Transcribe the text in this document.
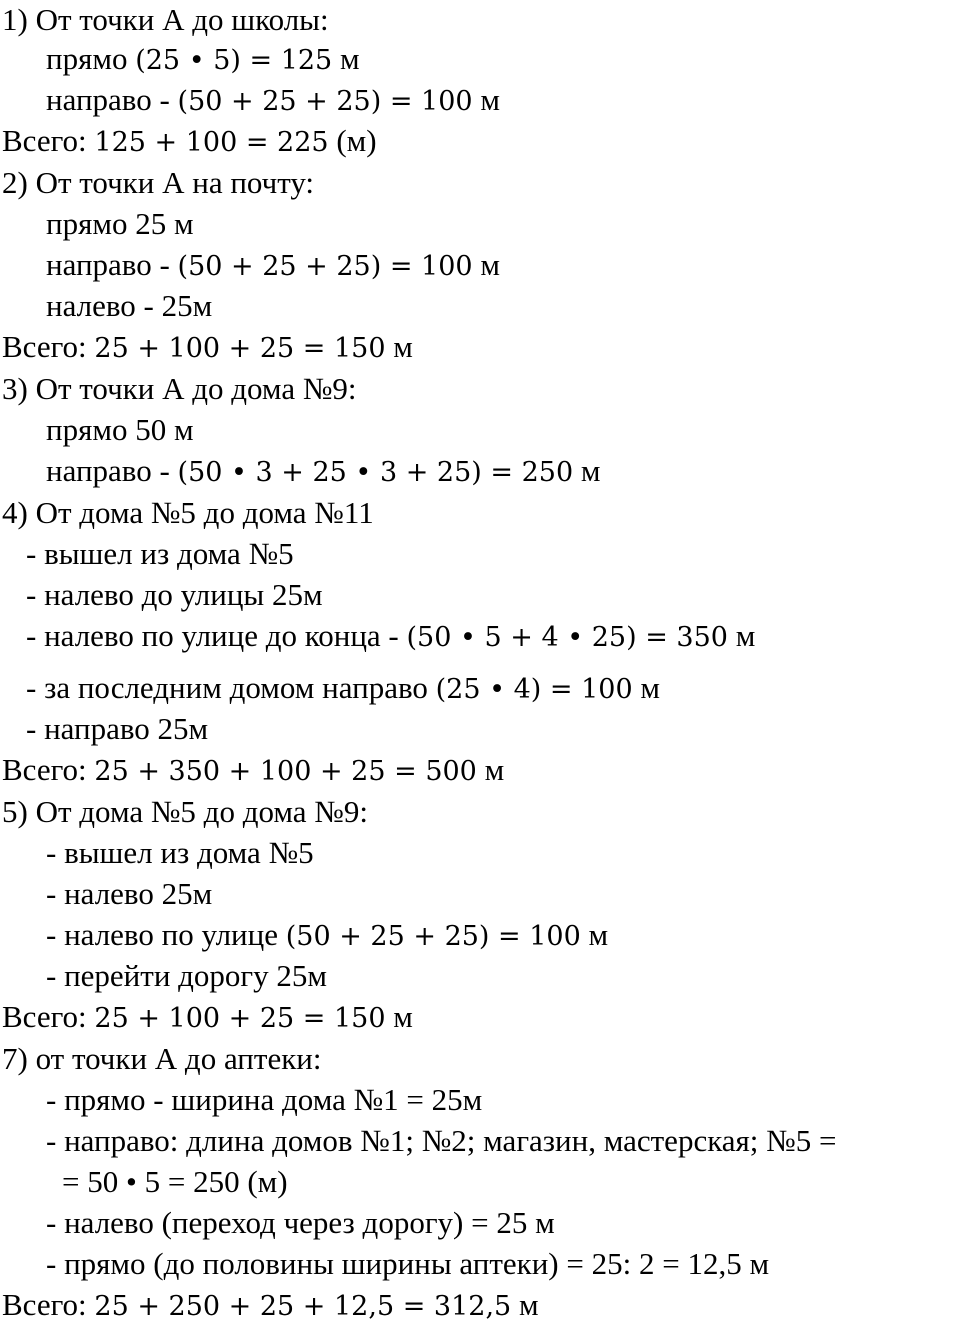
1) От точки А до школы:
прямо (25 • 5) = 125 м
направо - (50 + 25 + 25) = 100 м
Всего: 125 + 100 = 225 (м)
2) От точки А на почту:
прямо 25 м
направо - (50 + 25 + 25) = 100 м
налево - 25м
Всего: 25 + 100 + 25 = 150 м
3) От точки А до дома №9:
прямо 50 м
направо - (50 • 3 + 25 • 3 + 25) = 250 м
4) От дома №5 до дома №11
- вышел из дома №5
- налево до улицы 25м
- налево по улице до конца - (50 • 5 + 4 • 25) = 350 м
- за последним домом направо (25 • 4) = 100 м
- направо 25м
Всего: 25 + 350 + 100 + 25 = 500 м
5) От дома №5 до дома №9:
- вышел из дома №5
- налево 25м
- налево по улице (50 + 25 + 25) = 100 м
- перейти дорогу 25м
Всего: 25 + 100 + 25 = 150 м
7) от точки А до аптеки:
- прямо - ширина дома №1 = 25м
- направо: длина домов №1; №2; магазин, мастерская; №5 =
= 50 • 5 = 250 (м)
- налево (переход через дорогу) = 25 м
- прямо (до половины ширины аптеки) = 25: 2 = 12,5 м
Всего: 25 + 250 + 25 + 12,5 = 312,5 м
